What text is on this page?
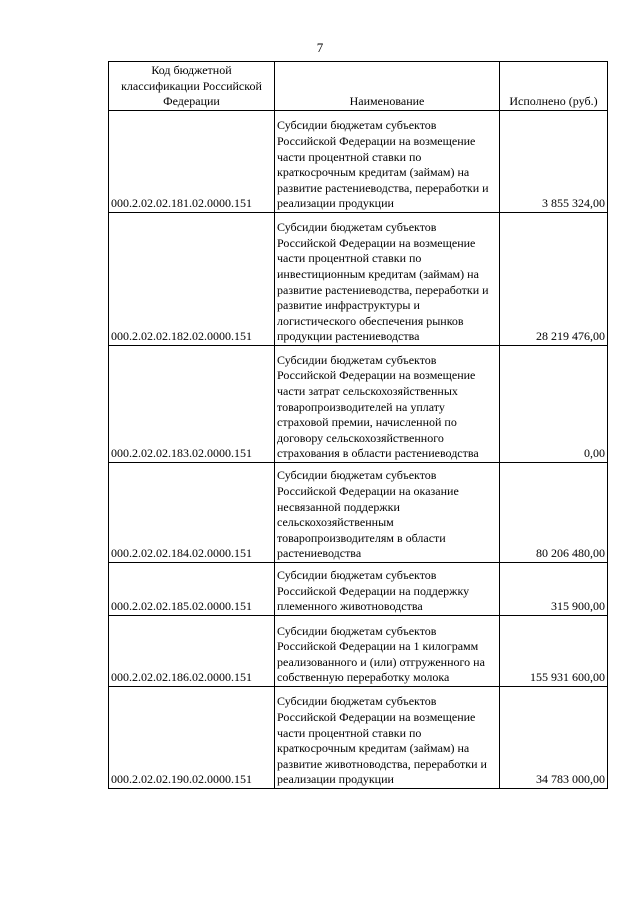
7
Код бюджетной классификации Российской Федерации	Наименование	Исполнено (руб.)
000.2.02.02.181.02.0000.151	Субсидии бюджетам субъектов Российской Федерации на возмещение части процентной ставки по краткосрочным кредитам (займам) на развитие растениеводства, переработки и реализации продукции	3 855 324,00
000.2.02.02.182.02.0000.151	Субсидии бюджетам субъектов Российской Федерации на возмещение части процентной ставки по инвестиционным кредитам (займам) на развитие растениеводства, переработки и развитие инфраструктуры и логистического обеспечения рынков продукции растениеводства	28 219 476,00
000.2.02.02.183.02.0000.151	Субсидии бюджетам субъектов Российской Федерации на возмещение части затрат сельскохозяйственных товаропроизводителей на уплату страховой премии, начисленной по договору сельскохозяйственного страхования в области растениеводства	0,00
000.2.02.02.184.02.0000.151	Субсидии бюджетам субъектов Российской Федерации на оказание несвязанной поддержки сельскохозяйственным товаропроизводителям в области растениеводства	80 206 480,00
000.2.02.02.185.02.0000.151	Субсидии бюджетам субъектов Российской Федерации на поддержку племенного животноводства	315 900,00
000.2.02.02.186.02.0000.151	Субсидии бюджетам субъектов Российской Федерации на 1 килограмм реализованного и (или) отгруженного на собственную переработку молока	155 931 600,00
000.2.02.02.190.02.0000.151	Субсидии бюджетам субъектов Российской Федерации на возмещение части процентной ставки по краткосрочным кредитам (займам) на развитие животноводства, переработки и реализации продукции	34 783 000,00
